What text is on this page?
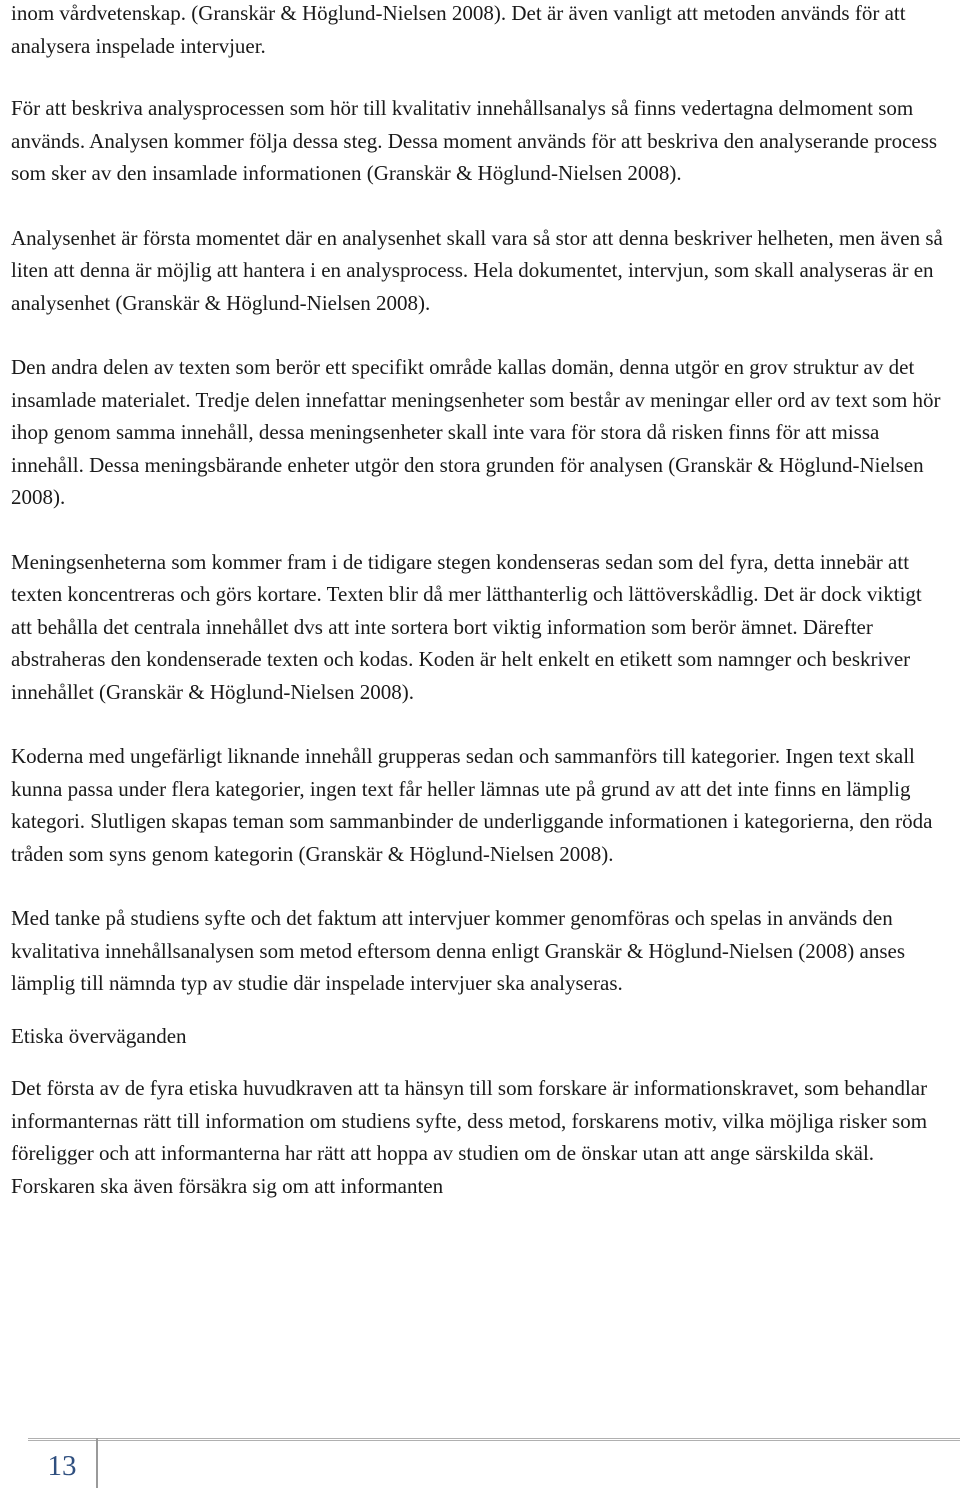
inom vårdvetenskap. (Granskär & Höglund-Nielsen 2008). Det är även vanligt att metoden används för att analysera inspelade intervjuer.

För att beskriva analysprocessen som hör till kvalitativ innehållsanalys så finns vedertagna delmoment som används. Analysen kommer följa dessa steg. Dessa moment används för att beskriva den analyserande process som sker av den insamlade informationen (Granskär & Höglund-Nielsen 2008).

Analysenhet är första momentet där en analysenhet skall vara så stor att denna beskriver helheten, men även så liten att denna är möjlig att hantera i en analysprocess. Hela dokumentet, intervjun, som skall analyseras är en analysenhet (Granskär & Höglund-Nielsen 2008).

Den andra delen av texten som berör ett specifikt område kallas domän, denna utgör en grov struktur av det insamlade materialet. Tredje delen innefattar meningsenheter som består av meningar eller ord av text som hör ihop genom samma innehåll, dessa meningsenheter skall inte vara för stora då risken finns för att missa innehåll. Dessa meningsbärande enheter utgör den stora grunden för analysen (Granskär & Höglund-Nielsen 2008).

Meningsenheterna som kommer fram i de tidigare stegen kondenseras sedan som del fyra, detta innebär att texten koncentreras och görs kortare. Texten blir då mer lätthanterlig och lättöverskådlig. Det är dock viktigt att behålla det centrala innehållet dvs att inte sortera bort viktig information som berör ämnet. Därefter abstraheras den kondenserade texten och kodas. Koden är helt enkelt en etikett som namnger och beskriver innehållet (Granskär & Höglund-Nielsen 2008).

Koderna med ungefärligt liknande innehåll grupperas sedan och sammanförs till kategorier. Ingen text skall kunna passa under flera kategorier, ingen text får heller lämnas ute på grund av att det inte finns en lämplig kategori. Slutligen skapas teman som sammanbinder de underliggande informationen i kategorierna, den röda tråden som syns genom kategorin (Granskär & Höglund-Nielsen 2008).

Med tanke på studiens syfte och det faktum att intervjuer kommer genomföras och spelas in används den kvalitativa innehållsanalysen som metod eftersom denna enligt Granskär & Höglund-Nielsen (2008) anses lämplig till nämnda typ av studie där inspelade intervjuer ska analyseras.

Etiska överväganden

Det första av de fyra etiska huvudkraven att ta hänsyn till som forskare är informationskravet, som behandlar informanternas rätt till information om studiens syfte, dess metod, forskarens motiv, vilka möjliga risker som föreligger och att informanterna har rätt att hoppa av studien om de önskar utan att ange särskilda skäl. Forskaren ska även försäkra sig om att informanten

13
